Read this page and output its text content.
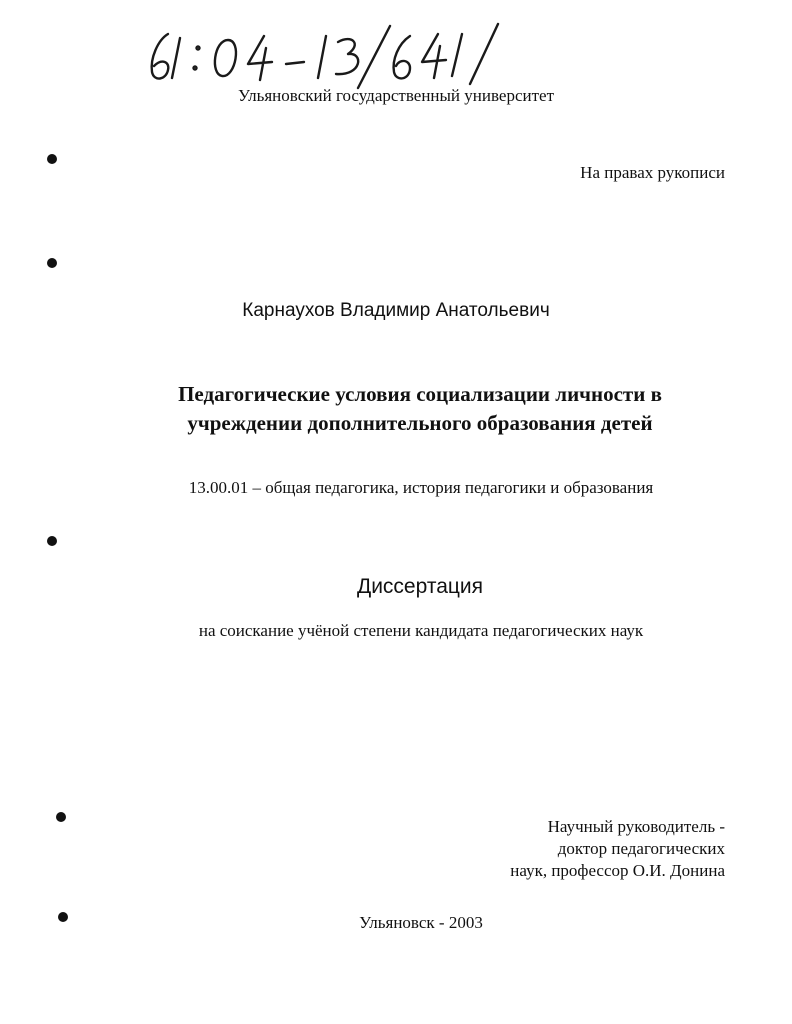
Ульяновский государственный университет
На правах рукописи
Карнаухов Владимир Анатольевич
Педагогические условия социализации личности в
учреждении дополнительного образования детей
13.00.01 – общая педагогика, история педагогики и образования
Диссертация
на соискание учёной степени кандидата педагогических наук
Научный руководитель -
доктор педагогических
наук, профессор О.И. Донина
Ульяновск - 2003
